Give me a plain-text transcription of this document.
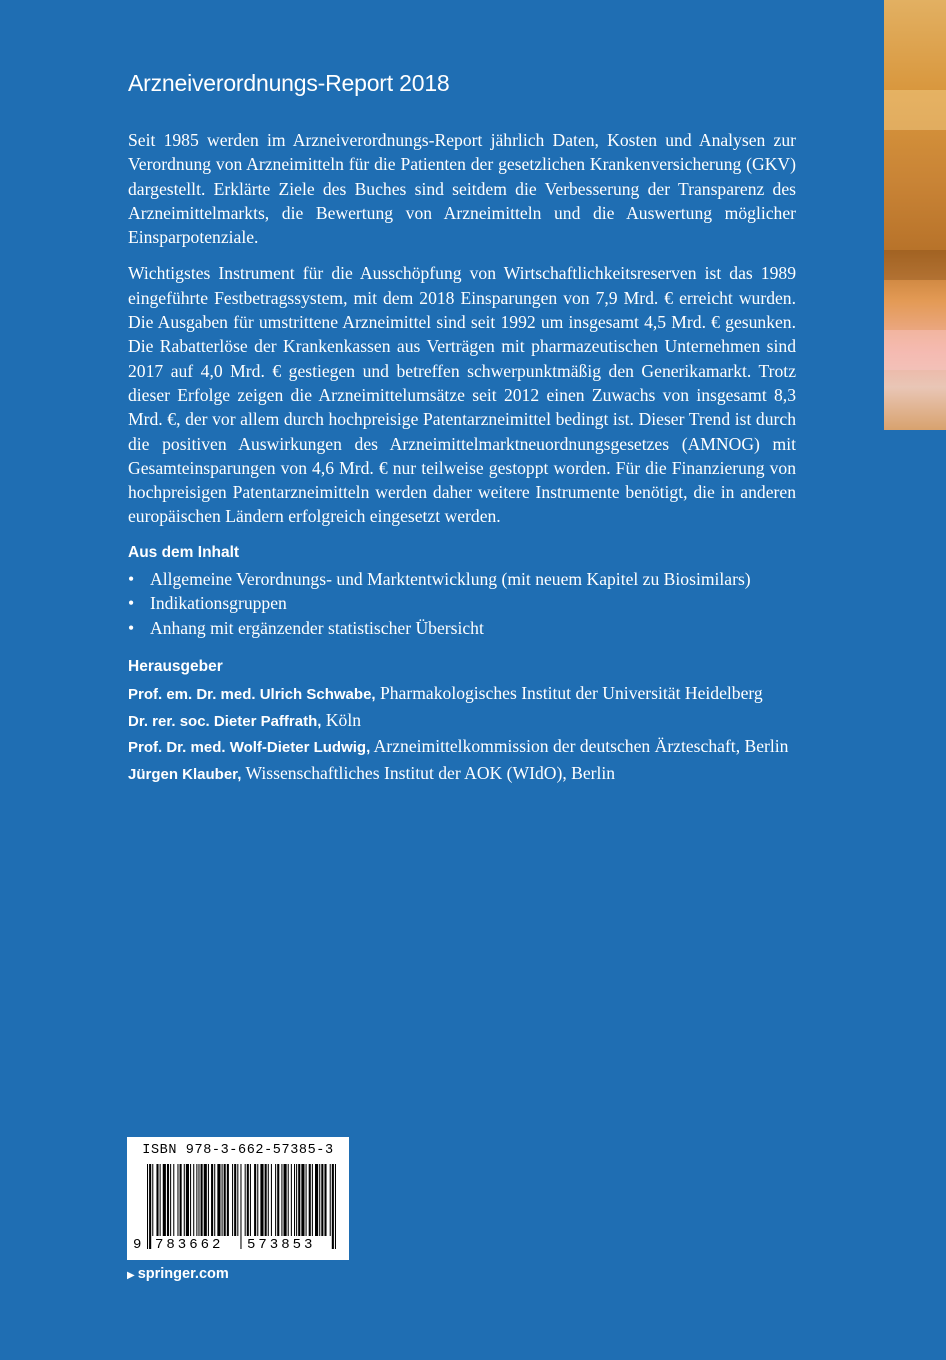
Arzneiverordnungs-Report 2018

Seit 1985 werden im Arzneiverordnungs-Report jährlich Daten, Kosten und Analysen zur Verordnung von Arzneimitteln für die Patienten der gesetzlichen Krankenversicherung (GKV) dargestellt. Erklärte Ziele des Buches sind seitdem die Verbesserung der Transparenz des Arzneimittelmarkts, die Bewertung von Arzneimitteln und die Auswertung möglicher Einsparpotenziale.

Wichtigstes Instrument für die Ausschöpfung von Wirtschaftlichkeitsreserven ist das 1989 eingeführte Festbetragssystem, mit dem 2018 Einsparungen von 7,9 Mrd. € erreicht wurden. Die Ausgaben für umstrittene Arzneimittel sind seit 1992 um insgesamt 4,5 Mrd. € gesunken. Die Rabatterlöse der Krankenkassen aus Verträgen mit pharmazeutischen Unternehmen sind 2017 auf 4,0 Mrd. € gestiegen und betreffen schwerpunktmäßig den Generikamarkt. Trotz dieser Erfolge zeigen die Arzneimittelumsätze seit 2012 einen Zuwachs von insgesamt 8,3 Mrd. €, der vor allem durch hochpreisige Patentarzneimittel bedingt ist. Dieser Trend ist durch die positiven Auswirkungen des Arzneimittelmarktneuordnungsgesetzes (AMNOG) mit Gesamteinsparungen von 4,6 Mrd. € nur teilweise gestoppt worden. Für die Finanzierung von hochpreisigen Patentarzneimitteln werden daher weitere Instrumente benötigt, die in anderen europäischen Ländern erfolgreich eingesetzt werden.

Aus dem Inhalt
• Allgemeine Verordnungs- und Marktentwicklung (mit neuem Kapitel zu Biosimilars)
• Indikationsgruppen
• Anhang mit ergänzender statistischer Übersicht
Herausgeber
Prof. em. Dr. med. Ulrich Schwabe, Pharmakologisches Institut der Universität Heidelberg
Dr. rer. soc. Dieter Paffrath, Köln
Prof. Dr. med. Wolf-Dieter Ludwig, Arzneimittelkommission der deutschen Ärzteschaft, Berlin
Jürgen Klauber, Wissenschaftliches Institut der AOK (WIdO), Berlin
ISBN 978-3-662-57385-3
9 783662 573853
▶ springer.com
